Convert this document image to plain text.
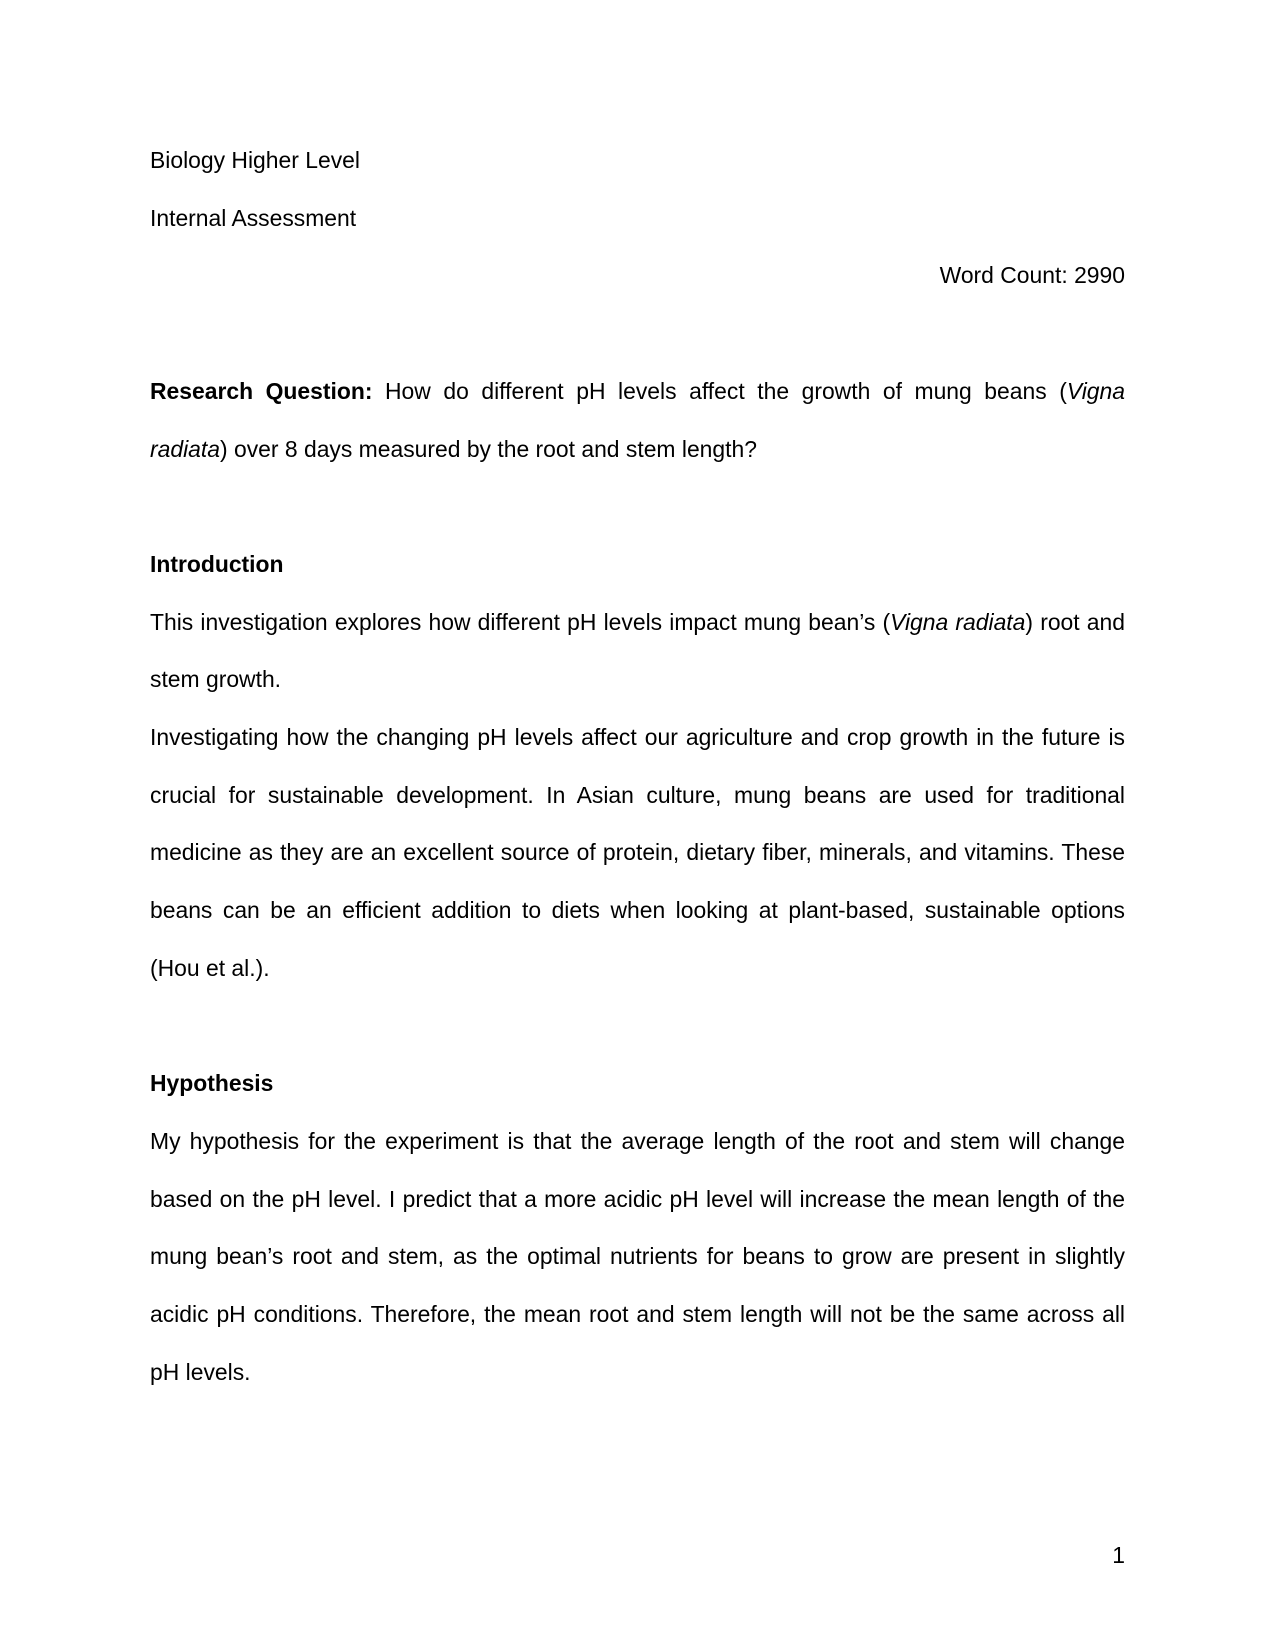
Biology Higher Level

Internal Assessment

Word Count: 2990

Research Question: How do different pH levels affect the growth of mung beans (Vigna radiata) over 8 days measured by the root and stem length?

Introduction

This investigation explores how different pH levels impact mung bean’s (Vigna radiata) root and stem growth.

Investigating how the changing pH levels affect our agriculture and crop growth in the future is crucial for sustainable development. In Asian culture, mung beans are used for traditional medicine as they are an excellent source of protein, dietary fiber, minerals, and vitamins. These beans can be an efficient addition to diets when looking at plant-based, sustainable options (Hou et al.).

Hypothesis

My hypothesis for the experiment is that the average length of the root and stem will change based on the pH level. I predict that a more acidic pH level will increase the mean length of the mung bean’s root and stem, as the optimal nutrients for beans to grow are present in slightly acidic pH conditions. Therefore, the mean root and stem length will not be the same across all pH levels.

1
